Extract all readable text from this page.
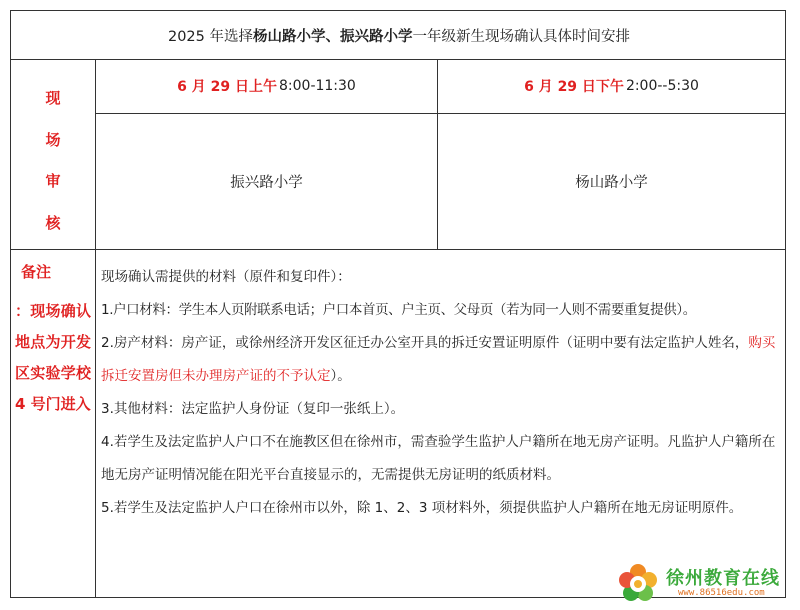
2025 年选择 杨山路小学、振兴路小学 一年级新生现场确认具体时间安排
现
场
审
核
6 月 29 日上午 8:00-11:30	6 月 29 日下午 2:00--5:30
振兴路小学	杨山路小学
备注
：现场确认地点为开发区实验学校 4 号门进入

现场确认需提供的材料（原件和复印件）：

1.户口材料：学生本人页附联系电话；户口本首页、户主页、父母页（若为同一人则不需要重复提供）。

2.房产材料：房产证，或徐州经济开发区征迁办公室开具的拆迁安置证明原件（证明中要有法定监护人姓名，购买拆迁安置房但未办理房产证的不予认定）。

3.其他材料：法定监护人身份证（复印一张纸上）。

4.若学生及法定监护人户口不在施教区但在徐州市，需查验学生监护人户籍所在地无房产证明。凡监护人户籍所在地无房产证明情况能在阳光平台直接显示的，无需提供无房证明的纸质材料。

5.若学生及法定监护人户口在徐州市以外，除 1、2、3 项材料外，须提供监护人户籍所在地无房证明原件。

徐州教育在线
www.86516edu.com
